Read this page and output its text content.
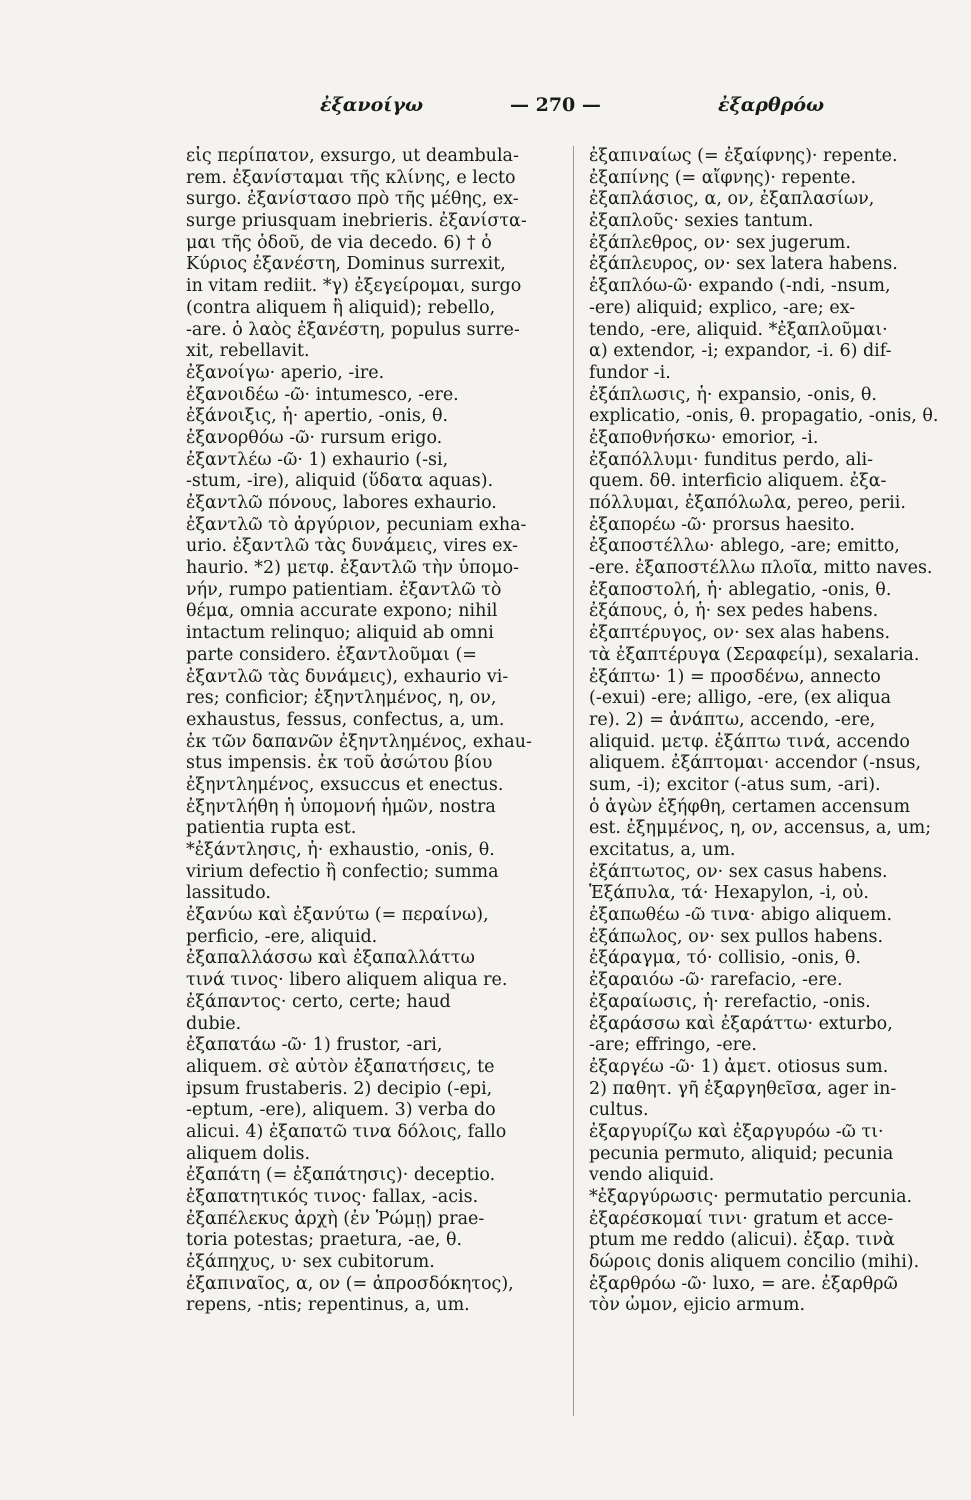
ἐξανοίγω	— 270 —	ἐξαρθρόω
εἰς περίπατον, exsurgo, ut deambula-
rem. ἐξανίσταμαι τῆς κλίνης, e lecto
surgo. ἐξανίστασο πρὸ τῆς μέθης, ex-
surge priusquam inebrieris. ἐξανίστα-
μαι τῆς ὁδοῦ, de via decedo. 6) † ὁ
Κύριος ἐξανέστη, Dominus surrexit,
in vitam rediit. *γ) ἐξεγείρομαι, surgo
(contra aliquem ἢ aliquid); rebello,
-are. ὁ λαὸς ἐξανέστη, populus surre-
xit, rebellavit.
ἐξανοίγω· aperio, -ire.
ἐξανοιδέω -ῶ· intumesco, -ere.
ἐξάνοιξις, ἡ· apertio, -onis, θ.
ἐξανορθόω -ῶ· rursum erigo.
ἐξαντλέω -ῶ· 1) exhaurio (-si,
-stum, -ire), aliquid (ὕδατα aquas).
ἐξαντλῶ πόνους, labores exhaurio.
ἐξαντλῶ τὸ ἀργύριον, pecuniam exha-
urio. ἐξαντλῶ τὰς δυνάμεις, vires ex-
haurio. *2) μετφ. ἐξαντλῶ τὴν ὑπομο-
νήν, rumpo patientiam. ἐξαντλῶ τὸ
θέμα, omnia accurate expono; nihil
intactum relinquo; aliquid ab omni
parte considero. ἐξαντλοῦμαι (=
ἐξαντλῶ τὰς δυνάμεις), exhaurio vi-
res; conficior; ἐξηντλημένος, η, ον,
exhaustus, fessus, confectus, a, um.
ἐκ τῶν δαπανῶν ἐξηντλημένος, exhau-
stus impensis. ἐκ τοῦ ἀσώτου βίου
ἐξηντλημένος, exsuccus et enectus.
ἐξηντλήθη ἡ ὑπομονή ἡμῶν, nostra
patientia rupta est.
*ἐξάντλησις, ἡ· exhaustio, -onis, θ.
virium defectio ἢ confectio; summa
lassitudo.
ἐξανύω καὶ ἐξανύτω (= περαίνω),
perficio, -ere, aliquid.
ἐξαπαλλάσσω καὶ ἐξαπαλλάττω
τινά τινος· libero aliquem aliqua re.
ἐξάπαντος· certo, certe; haud
dubie.
ἐξαπατάω -ῶ· 1) frustor, -ari,
aliquem. σὲ αὐτὸν ἐξαπατήσεις, te
ipsum frustaberis. 2) decipio (-epi,
-eptum, -ere), aliquem. 3) verba do
alicui. 4) ἐξαπατῶ τινα δόλοις, fallo
aliquem dolis.
ἐξαπάτη (= ἐξαπάτησις)· deceptio.
ἐξαπατητικός τινος· fallax, -acis.
ἐξαπέλεκυς ἀρχὴ (ἐν Ῥώμῃ) prae-
toria potestas; praetura, -ae, θ.
ἐξάπηχυς, υ· sex cubitorum.
ἐξαπιναῖος, α, ον (= ἀπροσδόκητος),
repens, -ntis; repentinus, a, um.
ἐξαπιναίως (= ἐξαίφνης)· repente.
ἐξαπίνης (= αἴφνης)· repente.
ἐξαπλάσιος, α, ον, ἐξαπλασίων,
ἐξαπλοῦς· sexies tantum.
ἐξάπλεθρος, ον· sex jugerum.
ἐξάπλευρος, ον· sex latera habens.
ἐξαπλόω-ῶ· expando (-ndi, -nsum,
-ere) aliquid; explico, -are; ex-
tendo, -ere, aliquid. *ἐξαπλοῦμαι·
α) extendor, -i; expandor, -i. 6) dif-
fundor -i.
ἐξάπλωσις, ἡ· expansio, -onis, θ.
explicatio, -onis, θ. propagatio, -onis, θ.
ἐξαποθνήσκω· emorior, -i.
ἐξαπόλλυμι· funditus perdo, ali-
quem. δθ. interficio aliquem. ἐξα-
πόλλυμαι, ἐξαπόλωλα, pereo, perii.
ἐξαπορέω -ῶ· prorsus haesito.
ἐξαποστέλλω· ablego, -are; emitto,
-ere. ἐξαποστέλλω πλοῖα, mitto naves.
ἐξαποστολή, ἡ· ablegatio, -onis, θ.
ἐξάπους, ὁ, ἡ· sex pedes habens.
ἐξαπτέρυγος, ον· sex alas habens.
τὰ ἐξαπτέρυγα (Σεραφείμ), sexalaria.
ἐξάπτω· 1) = προσδένω, annecto
(-exui) -ere; alligo, -ere, (ex aliqua
re). 2) = ἀνάπτω, accendo, -ere,
aliquid. μετφ. ἐξάπτω τινά, accendo
aliquem. ἐξάπτομαι· accendor (-nsus,
sum, -i); excitor (-atus sum, -ari).
ὁ ἀγὼν ἐξήφθη, certamen accensum
est. ἐξημμένος, η, ον, accensus, a, um;
excitatus, a, um.
ἐξάπτωτος, ον· sex casus habens.
Ἑξάπυλα, τά· Hexapylon, -i, οὐ.
ἐξαπωθέω -ῶ τινα· abigo aliquem.
ἐξάπωλος, ον· sex pullos habens.
ἐξάραγμα, τό· collisio, -onis, θ.
ἐξαραιόω -ῶ· rarefacio, -ere.
ἐξαραίωσις, ἡ· rerefactio, -onis.
ἐξαράσσω καὶ ἐξαράττω· exturbo,
-are; effringo, -ere.
ἐξαργέω -ῶ· 1) ἀμετ. otiosus sum.
2) παθητ. γῆ ἐξαργηθεῖσα, ager in-
cultus.
ἐξαργυρίζω καὶ ἐξαργυρόω -ῶ τι·
pecunia permuto, aliquid; pecunia
vendo aliquid.
*ἐξαργύρωσις· permutatio percunia.
ἐξαρέσκομαί τινι· gratum et acce-
ptum me reddo (alicui). ἐξαρ. τινὰ
δώροις donis aliquem concilio (mihi).
ἐξαρθρόω -ῶ· luxo, = are. ἐξαρθρῶ
τὸν ὦμον, ejicio armum.
